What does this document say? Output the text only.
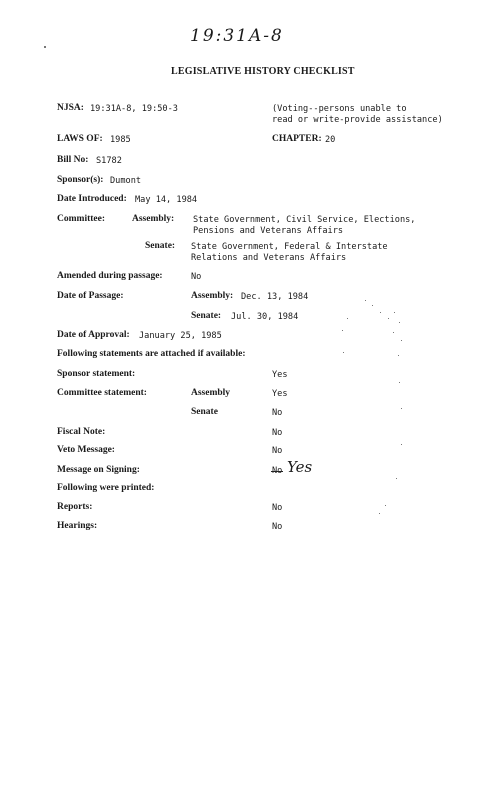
19:31A-8
LEGISLATIVE HISTORY CHECKLIST
NJSA: 19:31A-8, 19:50-3	(Voting--persons unable to
read or write-provide assistance)
LAWS OF: 1985	CHAPTER: 20
Bill No: S1782
Sponsor(s): Dumont
Date Introduced: May 14, 1984
Committee:	Assembly: State Government, Civil Service, Elections,
Pensions and Veterans Affairs
Senate: State Government, Federal & Interstate
Relations and Veterans Affairs
Amended during passage:	No
Date of Passage:	Assembly: Dec. 13, 1984
Senate: Jul. 30, 1984
Date of Approval: January 25, 1985
Following statements are attached if available:
Sponsor statement:	Yes
Committee statement:	Assembly	Yes
Senate	No
Fiscal Note:	No
Veto Message:	No
Message on Signing:	No Yes
Following were printed:
Reports:	No
Hearings:	No
